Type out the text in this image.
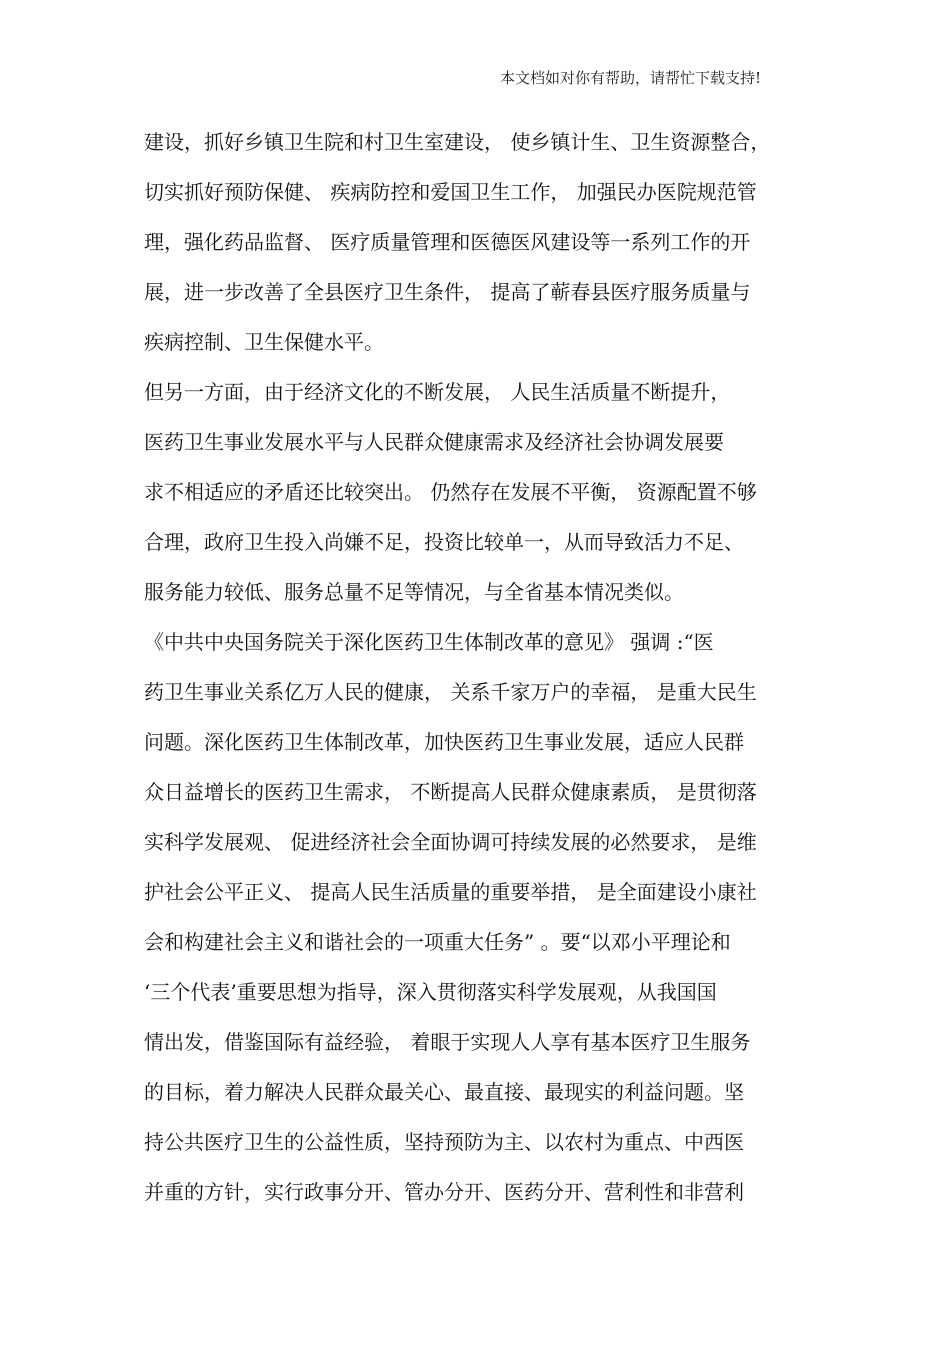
本文档如对你有帮助，请帮忙下载支持!
建设，抓好乡镇卫生院和村卫生室建设， 使乡镇计生、卫生资源整合，
切实抓好预防保健、 疾病防控和爱国卫生工作， 加强民办医院规范管
理，强化药品监督、 医疗质量管理和医德医风建设等一系列工作的开
展，进一步改善了全县医疗卫生条件， 提高了蕲春县医疗服务质量与
疾病控制、卫生保健水平。
但另一方面，由于经济文化的不断发展， 人民生活质量不断提升，
医药卫生事业发展水平与人民群众健康需求及经济社会协调发展要
求不相适应的矛盾还比较突出。 仍然存在发展不平衡， 资源配置不够
合理，政府卫生投入尚嫌不足，投资比较单一，从而导致活力不足、
服务能力较低、服务总量不足等情况，与全省基本情况类似。
《中共中央国务院关于深化医药卫生体制改革的意见》 强调 :“医
药卫生事业关系亿万人民的健康， 关系千家万户的幸福， 是重大民生
问题。深化医药卫生体制改革，加快医药卫生事业发展，适应人民群
众日益增长的医药卫生需求， 不断提高人民群众健康素质， 是贯彻落
实科学发展观、 促进经济社会全面协调可持续发展的必然要求， 是维
护社会公平正义、 提高人民生活质量的重要举措， 是全面建设小康社
会和构建社会主义和谐社会的一项重大任务” 。要“以邓小平理论和
‘三个代表’重要思想为指导，深入贯彻落实科学发展观，从我国国
情出发，借鉴国际有益经验， 着眼于实现人人享有基本医疗卫生服务
的目标，着力解决人民群众最关心、最直接、最现实的利益问题。坚
持公共医疗卫生的公益性质，坚持预防为主、以农村为重点、中西医
并重的方针，实行政事分开、管办分开、医药分开、营利性和非营利
